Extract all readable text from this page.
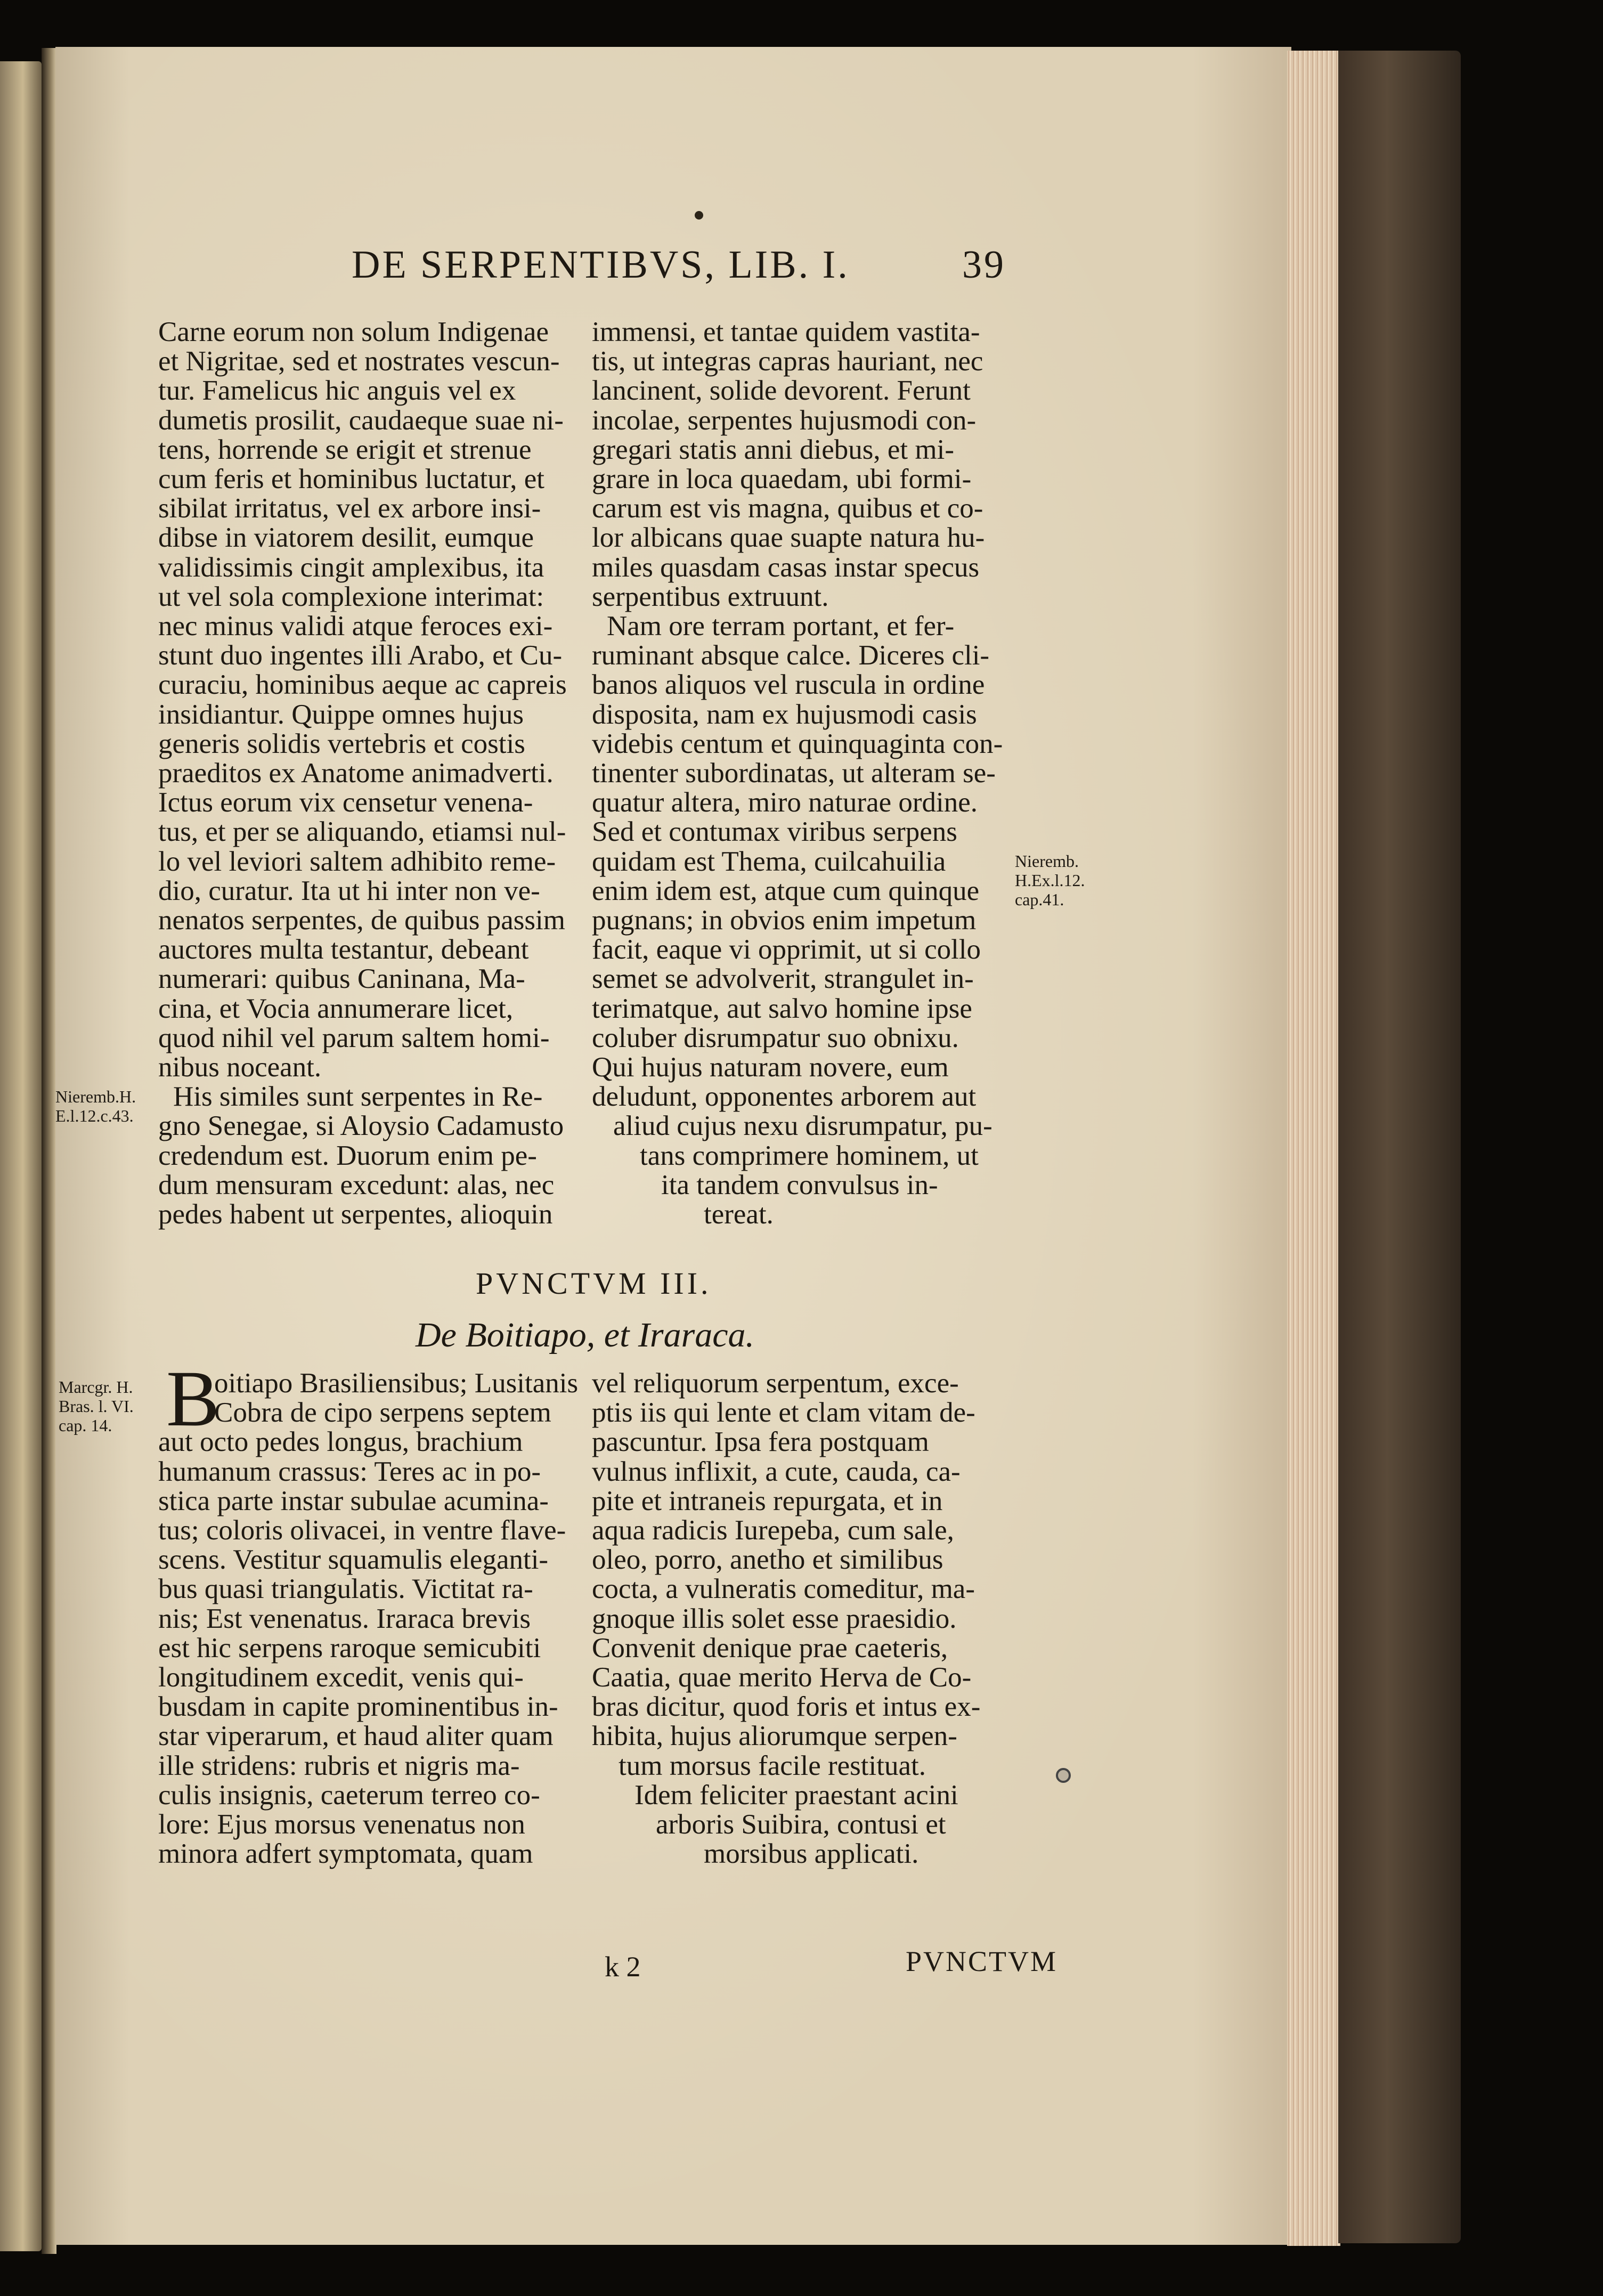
DE SERPENTIBVS, LIB. I.	39
Carne eorum non solum Indigenae
et Nigritae, sed et nostrates vescun-
tur. Famelicus hic anguis vel ex
dumetis prosilit, caudaeque suae ni-
tens, horrende se erigit et strenue
cum feris et hominibus luctatur, et
sibilat irritatus, vel ex arbore insi-
dibse in viatorem desilit, eumque
validissimis cingit amplexibus, ita
ut vel sola complexione interimat:
nec minus validi atque feroces exi-
stunt duo ingentes illi Arabo, et Cu-
curaciu, hominibus aeque ac capreis
insidiantur. Quippe omnes hujus
generis solidis vertebris et costis
praeditos ex Anatome animadverti.
Ictus eorum vix censetur venena-
tus, et per se aliquando, etiamsi nul-
lo vel leviori saltem adhibito reme-
dio, curatur. Ita ut hi inter non ve-
nenatos serpentes, de quibus passim
auctores multa testantur, debeant
numerari: quibus Caninana, Ma-
cina, et Vocia annumerare licet,
quod nihil vel parum saltem homi-
nibus noceant.
His similes sunt serpentes in Re-
gno Senegae, si Aloysio Cadamusto
credendum est. Duorum enim pe-
dum mensuram excedunt: alas, nec
pedes habent ut serpentes, alioquin
immensi, et tantae quidem vastita-
tis, ut integras capras hauriant, nec
lancinent, solide devorent. Ferunt
incolae, serpentes hujusmodi con-
gregari statis anni diebus, et mi-
grare in loca quaedam, ubi formi-
carum est vis magna, quibus et co-
lor albicans quae suapte natura hu-
miles quasdam casas instar specus
serpentibus extruunt.
Nam ore terram portant, et fer-
ruminant absque calce. Diceres cli-
banos aliquos vel ruscula in ordine
disposita, nam ex hujusmodi casis
videbis centum et quinquaginta con-
tinenter subordinatas, ut alteram se-
quatur altera, miro naturae ordine.
Sed et contumax viribus serpens
quidam est Thema, cuilcahuilia
enim idem est, atque cum quinque
pugnans; in obvios enim impetum
facit, eaque vi opprimit, ut si collo
semet se advolverit, strangulet in-
terimatque, aut salvo homine ipse
coluber disrumpatur suo obnixu.
Qui hujus naturam novere, eum
deludunt, opponentes arborem aut
aliud cujus nexu disrumpatur, pu-
tans comprimere hominem, ut
ita tandem convulsus in-
tereat.
PVNCTVM III.
De Boitiapo, et Iraraca.
B
oitiapo Brasiliensibus; Lusitanis
Cobra de cipo serpens septem
aut octo pedes longus, brachium
humanum crassus: Teres ac in po-
stica parte instar subulae acumina-
tus; coloris olivacei, in ventre flave-
scens. Vestitur squamulis eleganti-
bus quasi triangulatis. Victitat ra-
nis; Est venenatus. Iraraca brevis
est hic serpens raroque semicubiti
longitudinem excedit, venis qui-
busdam in capite prominentibus in-
star viperarum, et haud aliter quam
ille stridens: rubris et nigris ma-
culis insignis, caeterum terreo co-
lore: Ejus morsus venenatus non
minora adfert symptomata, quam
vel reliquorum serpentum, exce-
ptis iis qui lente et clam vitam de-
pascuntur. Ipsa fera postquam
vulnus inflixit, a cute, cauda, ca-
pite et intraneis repurgata, et in
aqua radicis Iurepeba, cum sale,
oleo, porro, anetho et similibus
cocta, a vulneratis comeditur, ma-
gnoque illis solet esse praesidio.
Convenit denique prae caeteris,
Caatia, quae merito Herva de Co-
bras dicitur, quod foris et intus ex-
hibita, hujus aliorumque serpen-
tum morsus facile restituat.
Idem feliciter praestant acini
arboris Suibira, contusi et
morsibus applicati.
Nieremb.H.
E.l.12.c.43.
Nieremb.
H.Ex.l.12.
cap.41.
Marcgr. H.
Bras. l. VI.
cap. 14.
k 2	PVNCTVM
